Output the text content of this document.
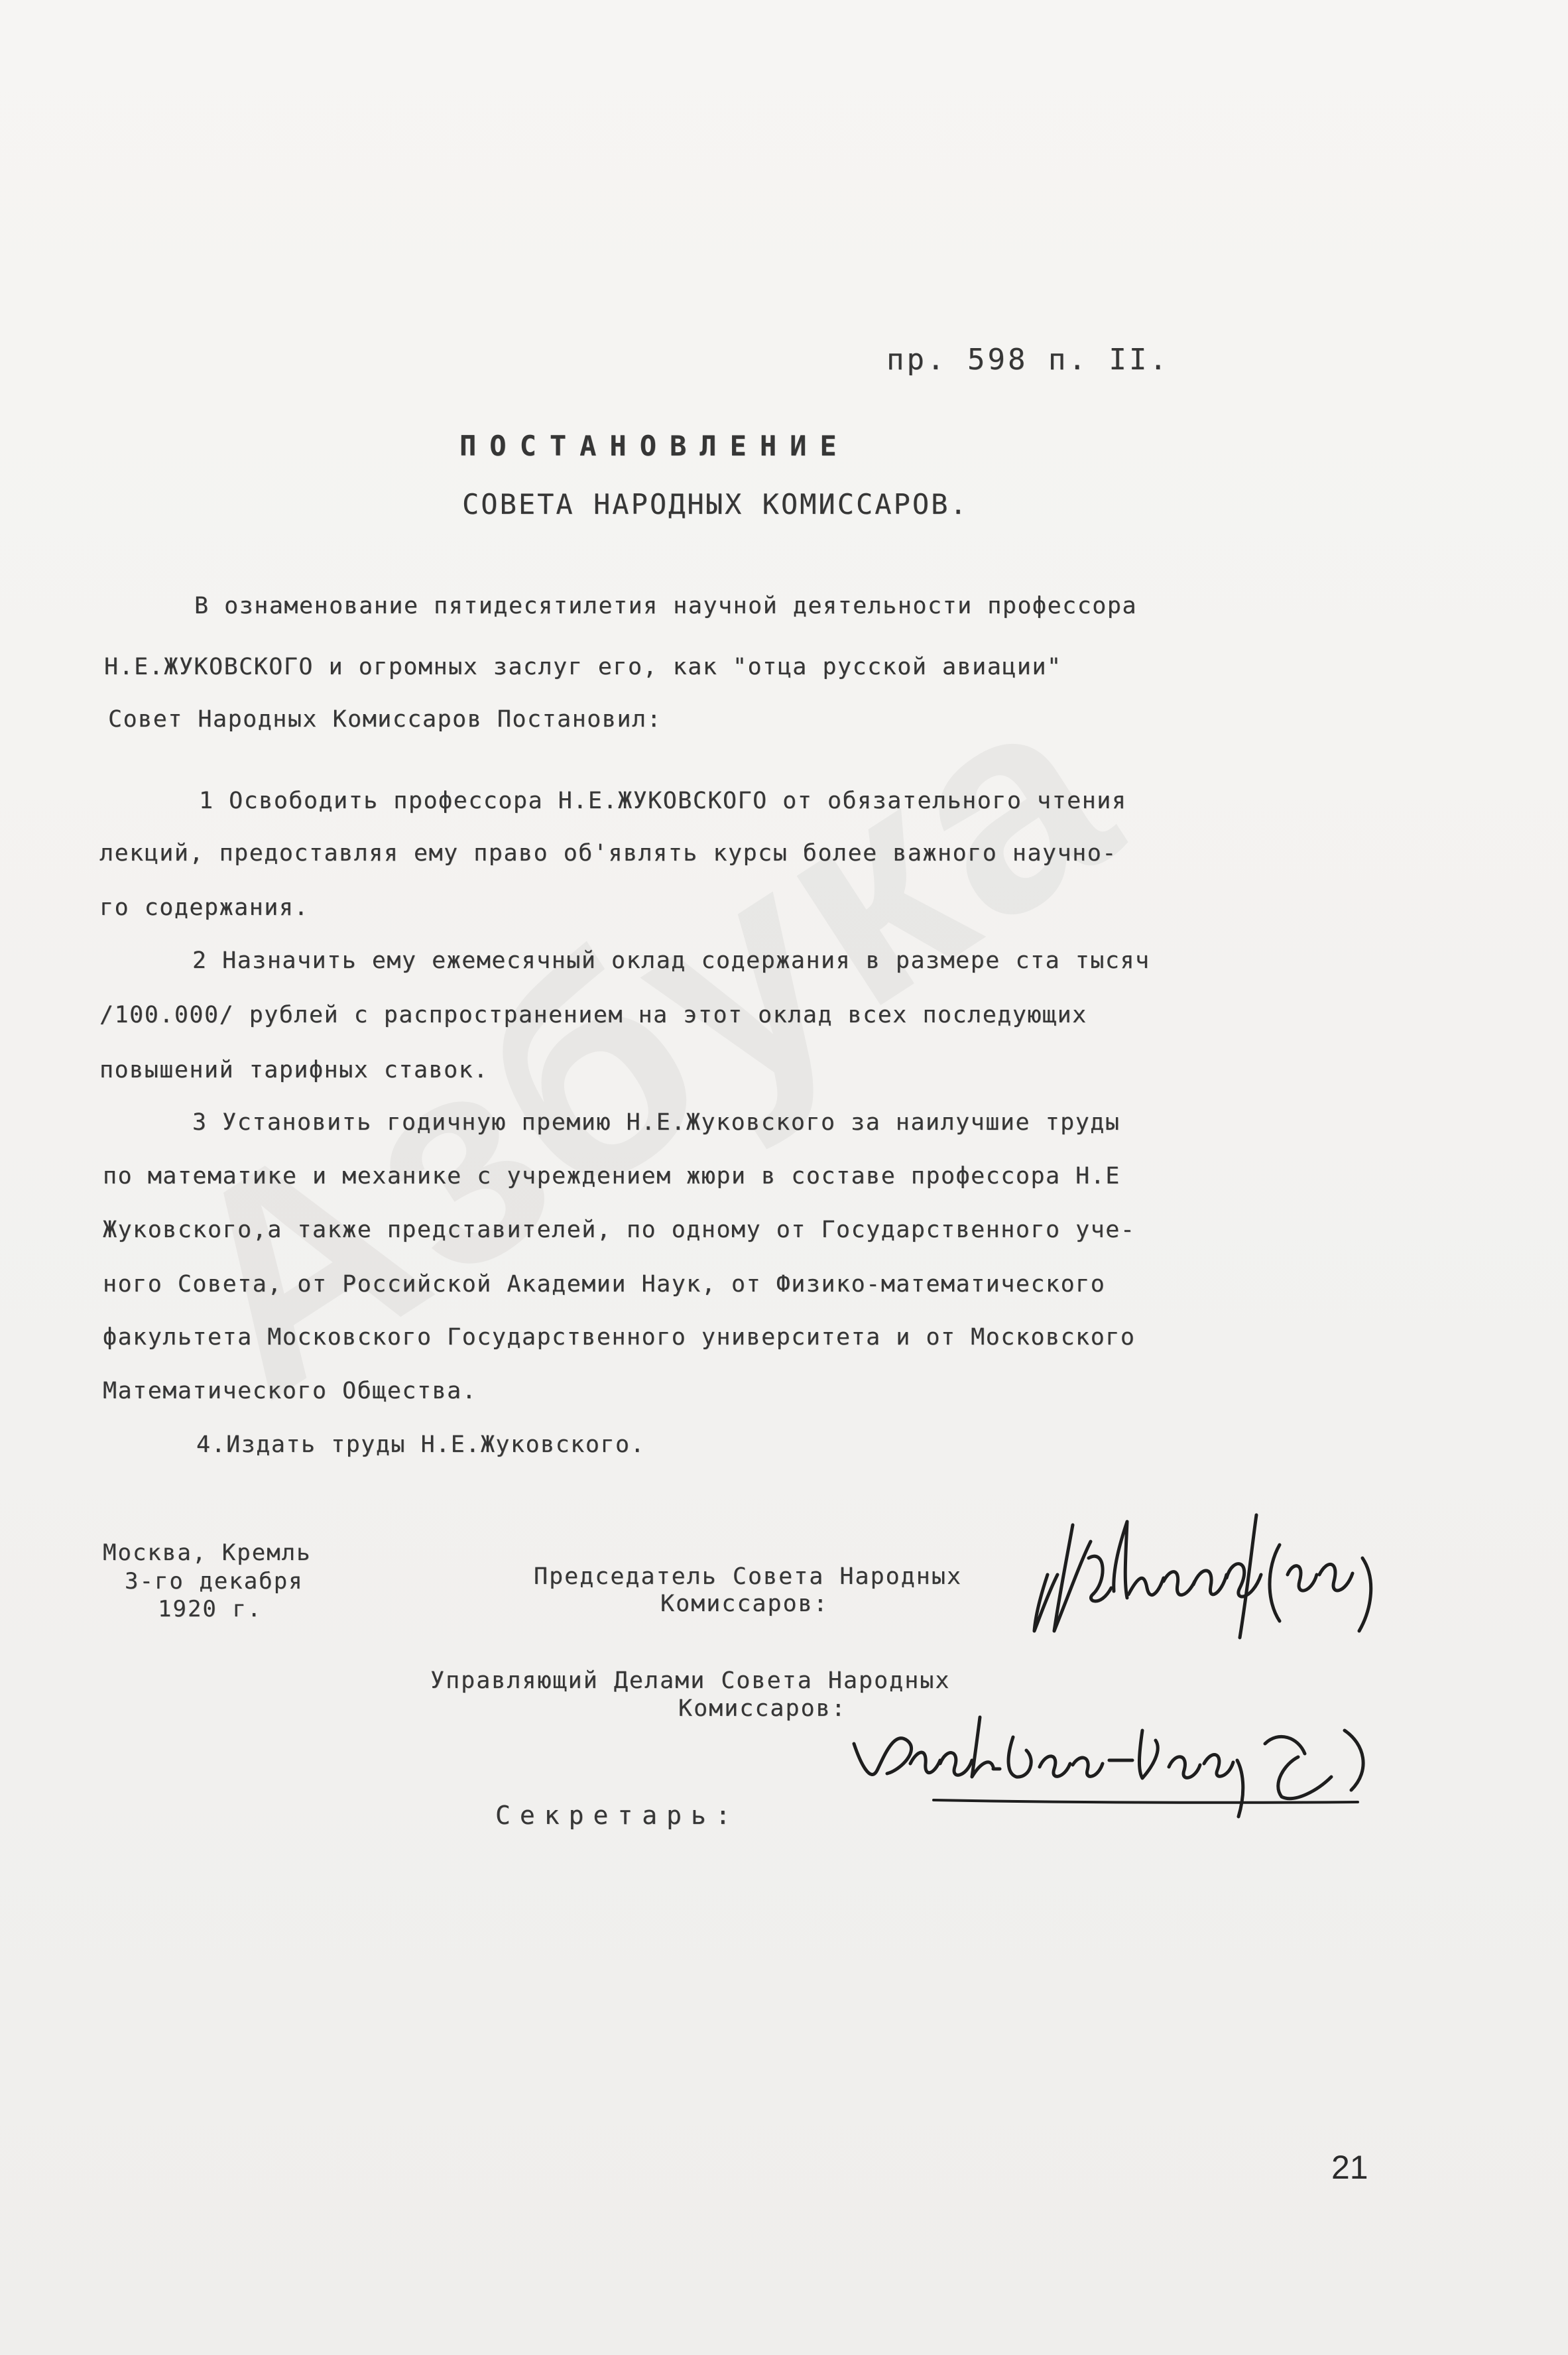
пр. 598 п. II.
ПОСТАНОВЛЕНИЕ
СОВЕТА НАРОДНЫХ КОМИССАРОВ.
В ознаменование пятидесятилетия научной деятельности профессора
Н.Е.ЖУКОВСКОГО и огромных заслуг его, как "отца русской авиации"
Совет Народных Комиссаров Постановил:
1 Освободить профессора Н.Е.ЖУКОВСКОГО от обязательного чтения
лекций, предоставляя ему право об'являть курсы более важного научно-
го содержания.
2 Назначить ему ежемесячный оклад содержания в размере ста тысяч
/100.000/ рублей с распространением на этот оклад всех последующих
повышений тарифных ставок.
3 Установить годичную премию Н.Е.Жуковского за наилучшие труды
по математике и механике с учреждением жюри в составе профессора Н.Е
Жуковского,а также представителей, по одному от Государственного уче-
ного Совета, от Российской Академии Наук, от Физико-математического
факультета Московского Государственного университета и от Московского
Математического Общества.
4.Издать труды Н.Е.Жуковского.
Москва, Кремль
3-го декабря
1920 г.
Председатель Совета Народных
Комиссаров:
Управляющий Делами Совета Народных
Комиссаров:
Секретарь:
21
